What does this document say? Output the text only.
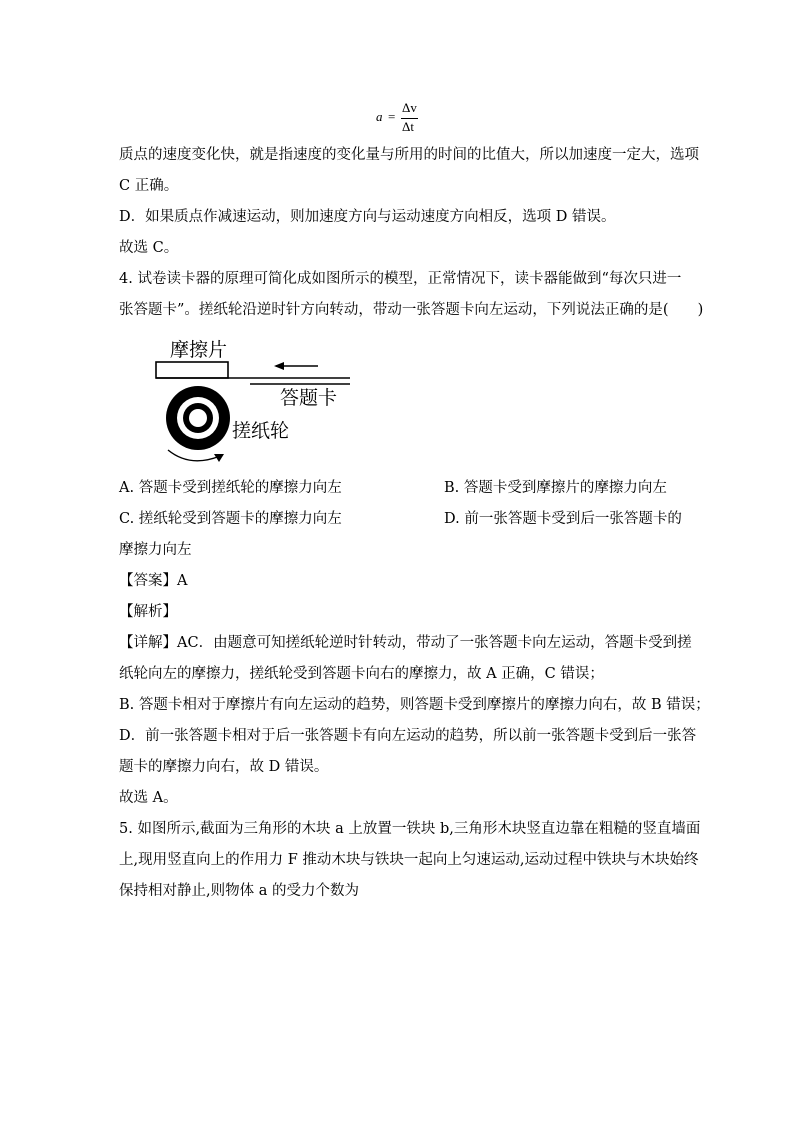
a =
Δv
Δt
质点的速度变化快，就是指速度的变化量与所用的时间的比值大，所以加速度一定大，选项
C 正确。
D．如果质点作减速运动，则加速度方向与运动速度方向相反，选项 D 错误。
故选 C。
4. 试卷读卡器的原理可简化成如图所示的模型，正常情况下，读卡器能做到“每次只进一
张答题卡”。搓纸轮沿逆时针方向转动，带动一张答题卡向左运动，下列说法正确的是(　　)
摩擦片
答题卡
搓纸轮
A. 答题卡受到搓纸轮的摩擦力向左	B. 答题卡受到摩擦片的摩擦力向左
C. 搓纸轮受到答题卡的摩擦力向左	D. 前一张答题卡受到后一张答题卡的
摩擦力向左
【答案】A
【解析】
【详解】AC．由题意可知搓纸轮逆时针转动，带动了一张答题卡向左运动，答题卡受到搓
纸轮向左的摩擦力，搓纸轮受到答题卡向右的摩擦力，故 A 正确，C 错误；
B. 答题卡相对于摩擦片有向左运动的趋势，则答题卡受到摩擦片的摩擦力向右，故 B 错误；
D．前一张答题卡相对于后一张答题卡有向左运动的趋势，所以前一张答题卡受到后一张答
题卡的摩擦力向右，故 D 错误。
故选 A。
5. 如图所示,截面为三角形的木块 a 上放置一铁块 b,三角形木块竖直边靠在粗糙的竖直墙面
上,现用竖直向上的作用力 F 推动木块与铁块一起向上匀速运动,运动过程中铁块与木块始终
保持相对静止,则物体 a 的受力个数为
